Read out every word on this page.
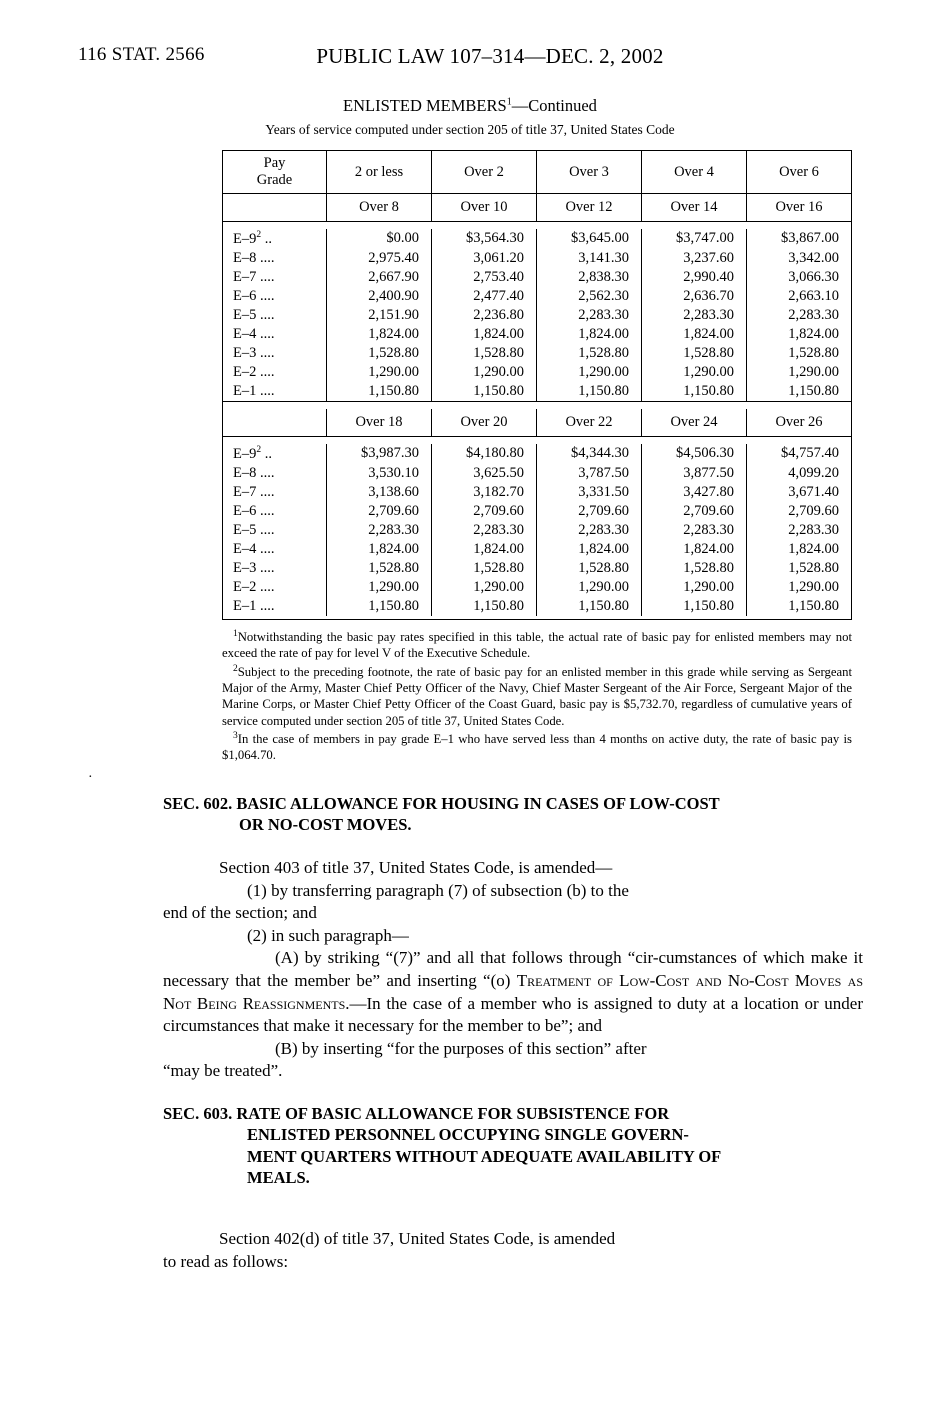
116 STAT. 2566	PUBLIC LAW 107–314—DEC. 2, 2002
ENLISTED MEMBERS$^1$—Continued
Years of service computed under section 205 of title 37, United States Code
Pay
Grade	2 or less	Over 2	Over 3	Over 4	Over 6
	Over 8	Over 10	Over 12	Over 14	Over 16

$E-9^2$ ..	$0.00	$3,564.30	$3,645.00	$3,747.00	$3,867.00
E–8 ....	2,975.40	3,061.20	3,141.30	3,237.60	3,342.00
E–7 ....	2,667.90	2,753.40	2,838.30	2,990.40	3,066.30
E–6 ....	2,400.90	2,477.40	2,562.30	2,636.70	2,663.10
E–5 ....	2,151.90	2,236.80	2,283.30	2,283.30	2,283.30
E–4 ....	1,824.00	1,824.00	1,824.00	1,824.00	1,824.00
E–3 ....	1,528.80	1,528.80	1,528.80	1,528.80	1,528.80
E–2 ....	1,290.00	1,290.00	1,290.00	1,290.00	1,290.00
E–1 ....	1,150.80	1,150.80	1,150.80	1,150.80	1,150.80

	Over 18	Over 20	Over 22	Over 24	Over 26

$E-9^2$ ..	$3,987.30	$4,180.80	$4,344.30	$4,506.30	$4,757.40
E–8 ....	3,530.10	3,625.50	3,787.50	3,877.50	4,099.20
E–7 ....	3,138.60	3,182.70	3,331.50	3,427.80	3,671.40
E–6 ....	2,709.60	2,709.60	2,709.60	2,709.60	2,709.60
E–5 ....	2,283.30	2,283.30	2,283.30	2,283.30	2,283.30
E–4 ....	1,824.00	1,824.00	1,824.00	1,824.00	1,824.00
E–3 ....	1,528.80	1,528.80	1,528.80	1,528.80	1,528.80
E–2 ....	1,290.00	1,290.00	1,290.00	1,290.00	1,290.00
E–1 ....	1,150.80	1,150.80	1,150.80	1,150.80	1,150.80

$^1$Notwithstanding the basic pay rates specified in this table, the actual rate of basic pay for enlisted members may not exceed the rate of pay for level V of the Executive Schedule.

$^2$Subject to the preceding footnote, the rate of basic pay for an enlisted member in this grade while serving as Sergeant Major of the Army, Master Chief Petty Officer of the Navy, Chief Master Sergeant of the Air Force, Sergeant Major of the Marine Corps, or Master Chief Petty Officer of the Coast Guard, basic pay is $5,732.70, regardless of cumulative years of service computed under section 205 of title 37, United States Code.

$^3$In the case of members in pay grade E–1 who have served less than 4 months on active duty, the rate of basic pay is $1,064.70.

·
SEC. 602. BASIC ALLOWANCE FOR HOUSING IN CASES OF LOW-COST
OR NO-COST MOVES.
Section 403 of title 37, United States Code, is amended—
(1) by transferring paragraph (7) of subsection (b) to the
end of the section; and
(2) in such paragraph—
(A) by striking “(7)” and all that follows through “cir-cumstances of which make it necessary that the member be” and inserting “(o) Treatment of Low-Cost and No-Cost Moves as Not Being Reassignments.—In the case of a member who is assigned to duty at a location or under circumstances that make it necessary for the member to be”; and
(B) by inserting “for the purposes of this section” after
“may be treated”.
SEC. 603. RATE OF BASIC ALLOWANCE FOR SUBSISTENCE FOR
ENLISTED PERSONNEL OCCUPYING SINGLE GOVERN-
MENT QUARTERS WITHOUT ADEQUATE AVAILABILITY OF
MEALS.
Section 402(d) of title 37, United States Code, is amended
to read as follows:
